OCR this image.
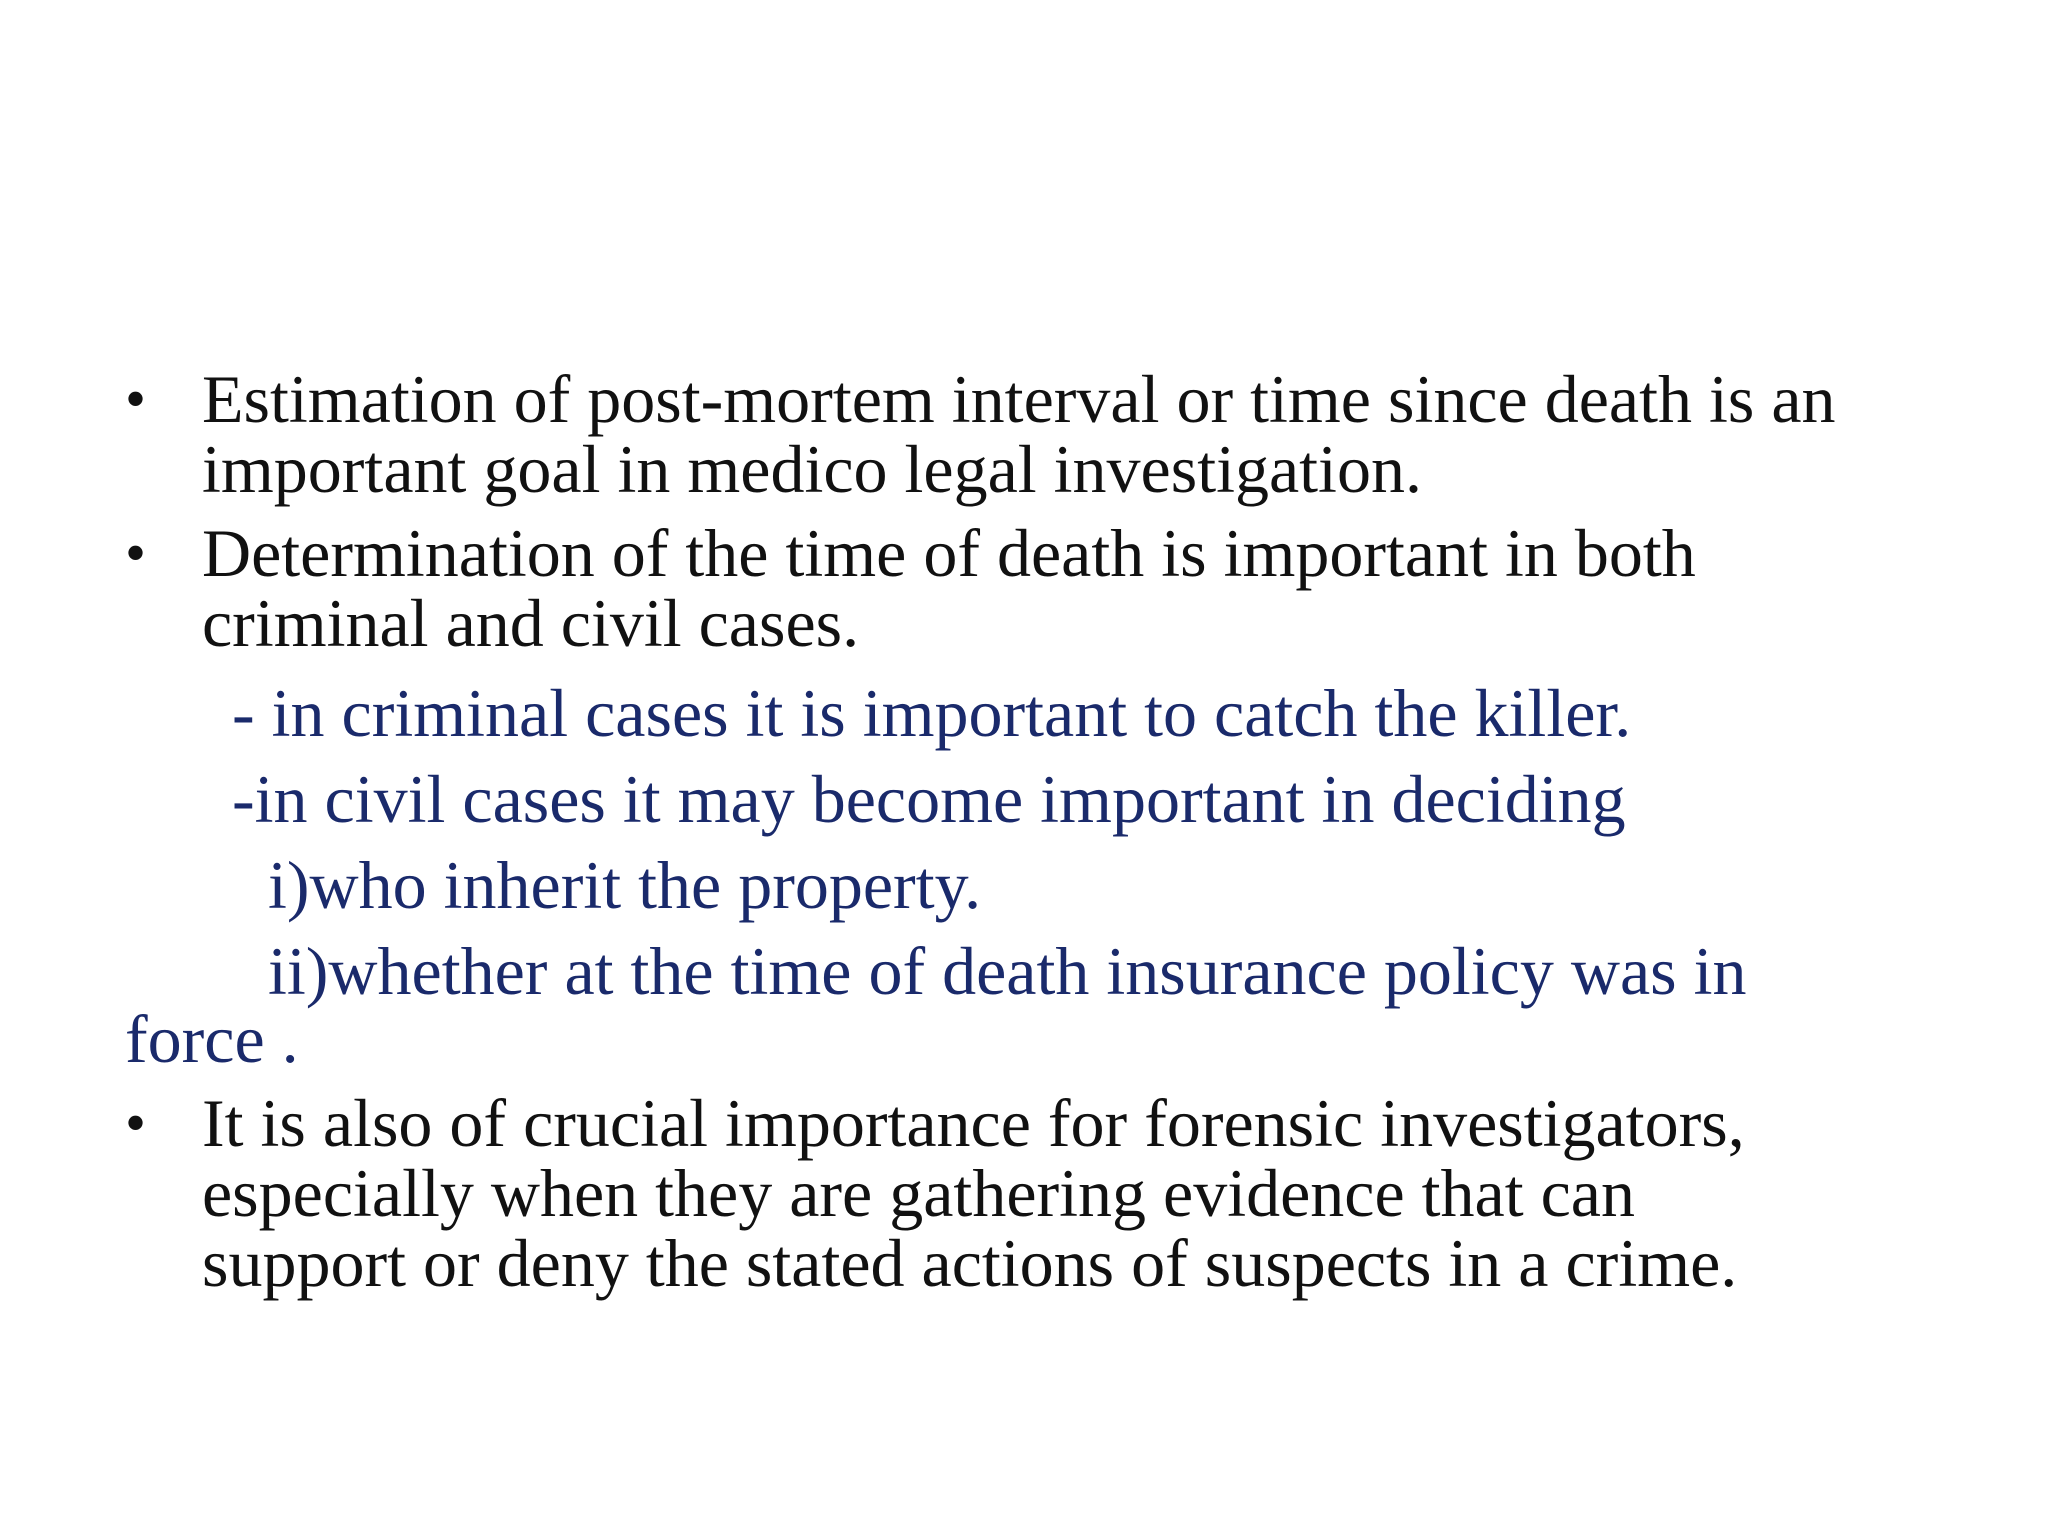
• Estimation of post-mortem interval or time since death is an
important goal in medico legal investigation.
• Determination of the time of death is important in both
criminal and civil cases.
- in criminal cases it is important to catch the killer.
-in civil cases it may become important in deciding
i)who inherit the property.
ii)whether at the time of death insurance policy was in
force .
• It is also of crucial importance for forensic investigators,
especially when they are gathering evidence that can
support or deny the stated actions of suspects in a crime.
